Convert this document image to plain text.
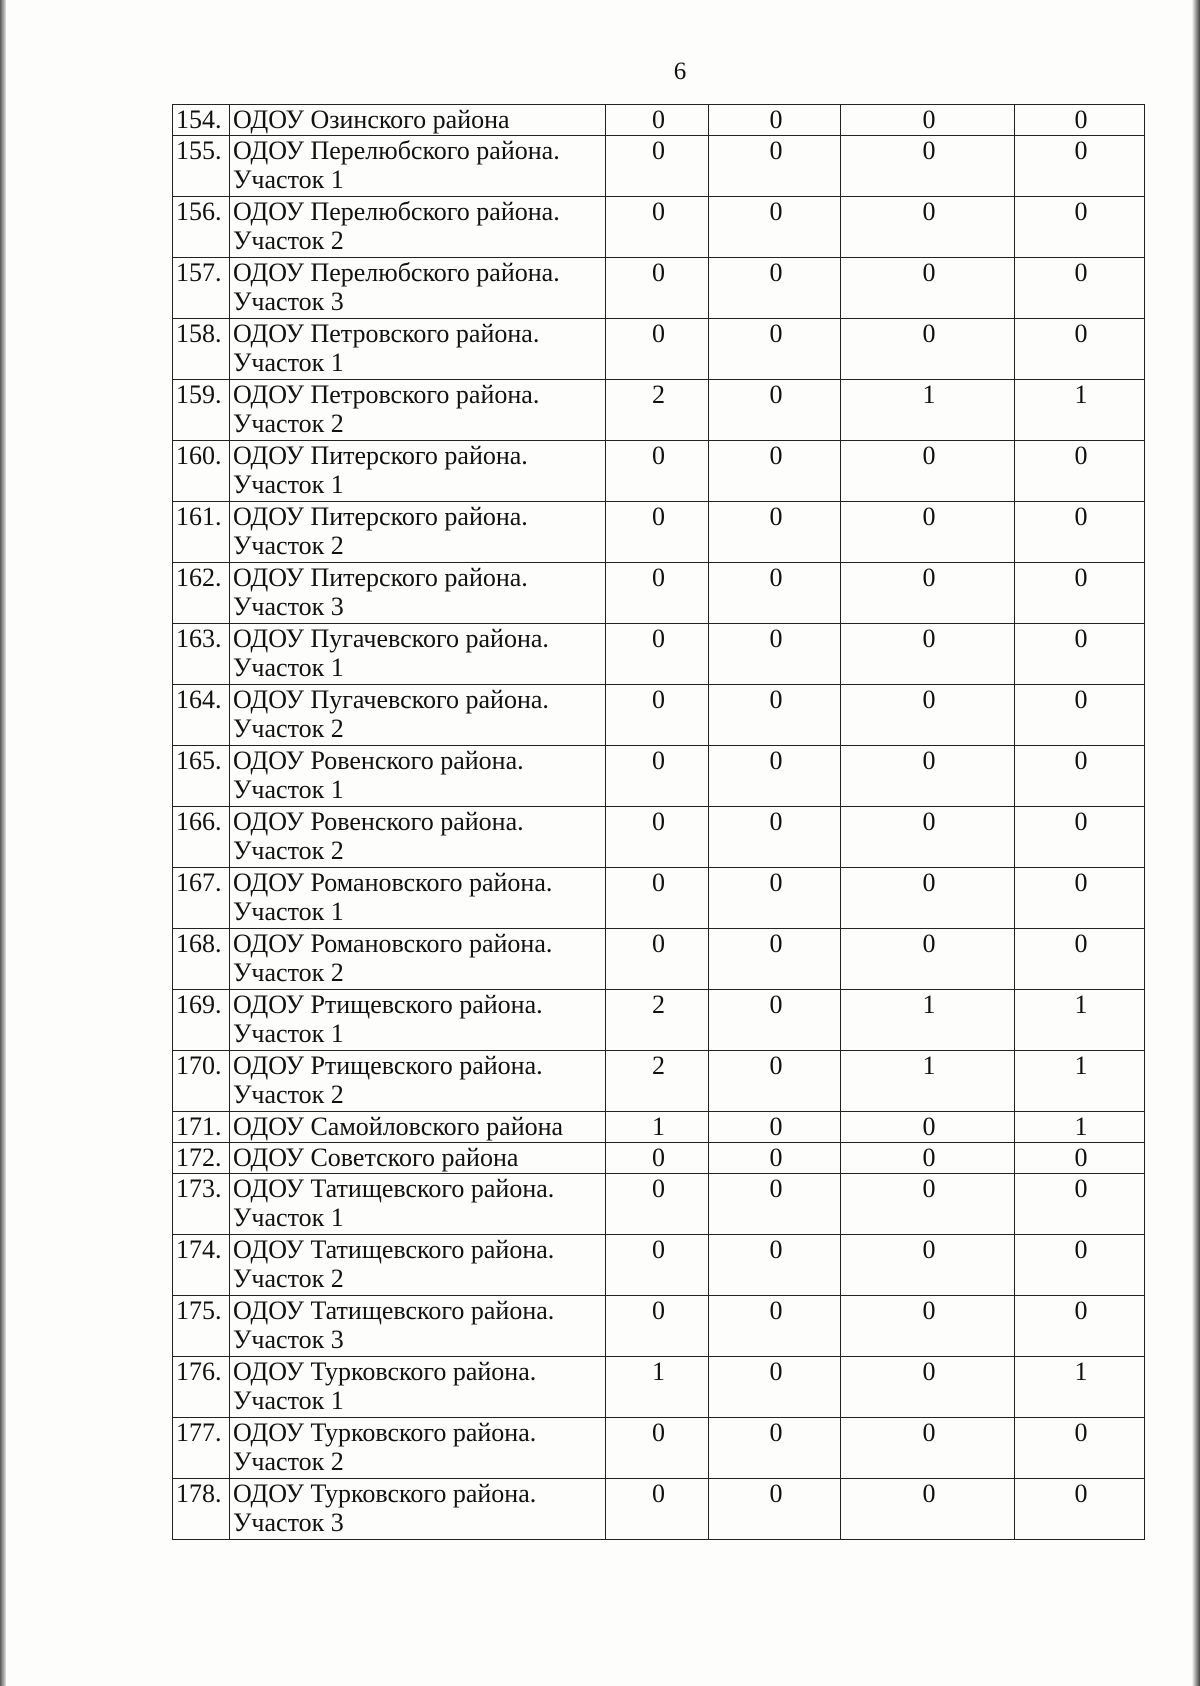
6
154.	ОДОУ Озинского района	0	0	0	0
155.	ОДОУ Перелюбского района.
Участок 1	0	0	0	0
156.	ОДОУ Перелюбского района.
Участок 2	0	0	0	0
157.	ОДОУ Перелюбского района.
Участок 3	0	0	0	0
158.	ОДОУ Петровского района.
Участок 1	0	0	0	0
159.	ОДОУ Петровского района.
Участок 2	2	0	1	1
160.	ОДОУ Питерского района.
Участок 1	0	0	0	0
161.	ОДОУ Питерского района.
Участок 2	0	0	0	0
162.	ОДОУ Питерского района.
Участок 3	0	0	0	0
163.	ОДОУ Пугачевского района.
Участок 1	0	0	0	0
164.	ОДОУ Пугачевского района.
Участок 2	0	0	0	0
165.	ОДОУ Ровенского района.
Участок 1	0	0	0	0
166.	ОДОУ Ровенского района.
Участок 2	0	0	0	0
167.	ОДОУ Романовского района.
Участок 1	0	0	0	0
168.	ОДОУ Романовского района.
Участок 2	0	0	0	0
169.	ОДОУ Ртищевского района.
Участок 1	2	0	1	1
170.	ОДОУ Ртищевского района.
Участок 2	2	0	1	1
171.	ОДОУ Самойловского района	1	0	0	1
172.	ОДОУ Советского района	0	0	0	0
173.	ОДОУ Татищевского района.
Участок 1	0	0	0	0
174.	ОДОУ Татищевского района.
Участок 2	0	0	0	0
175.	ОДОУ Татищевского района.
Участок 3	0	0	0	0
176.	ОДОУ Турковского района.
Участок 1	1	0	0	1
177.	ОДОУ Турковского района.
Участок 2	0	0	0	0
178.	ОДОУ Турковского района.
Участок 3	0	0	0	0
